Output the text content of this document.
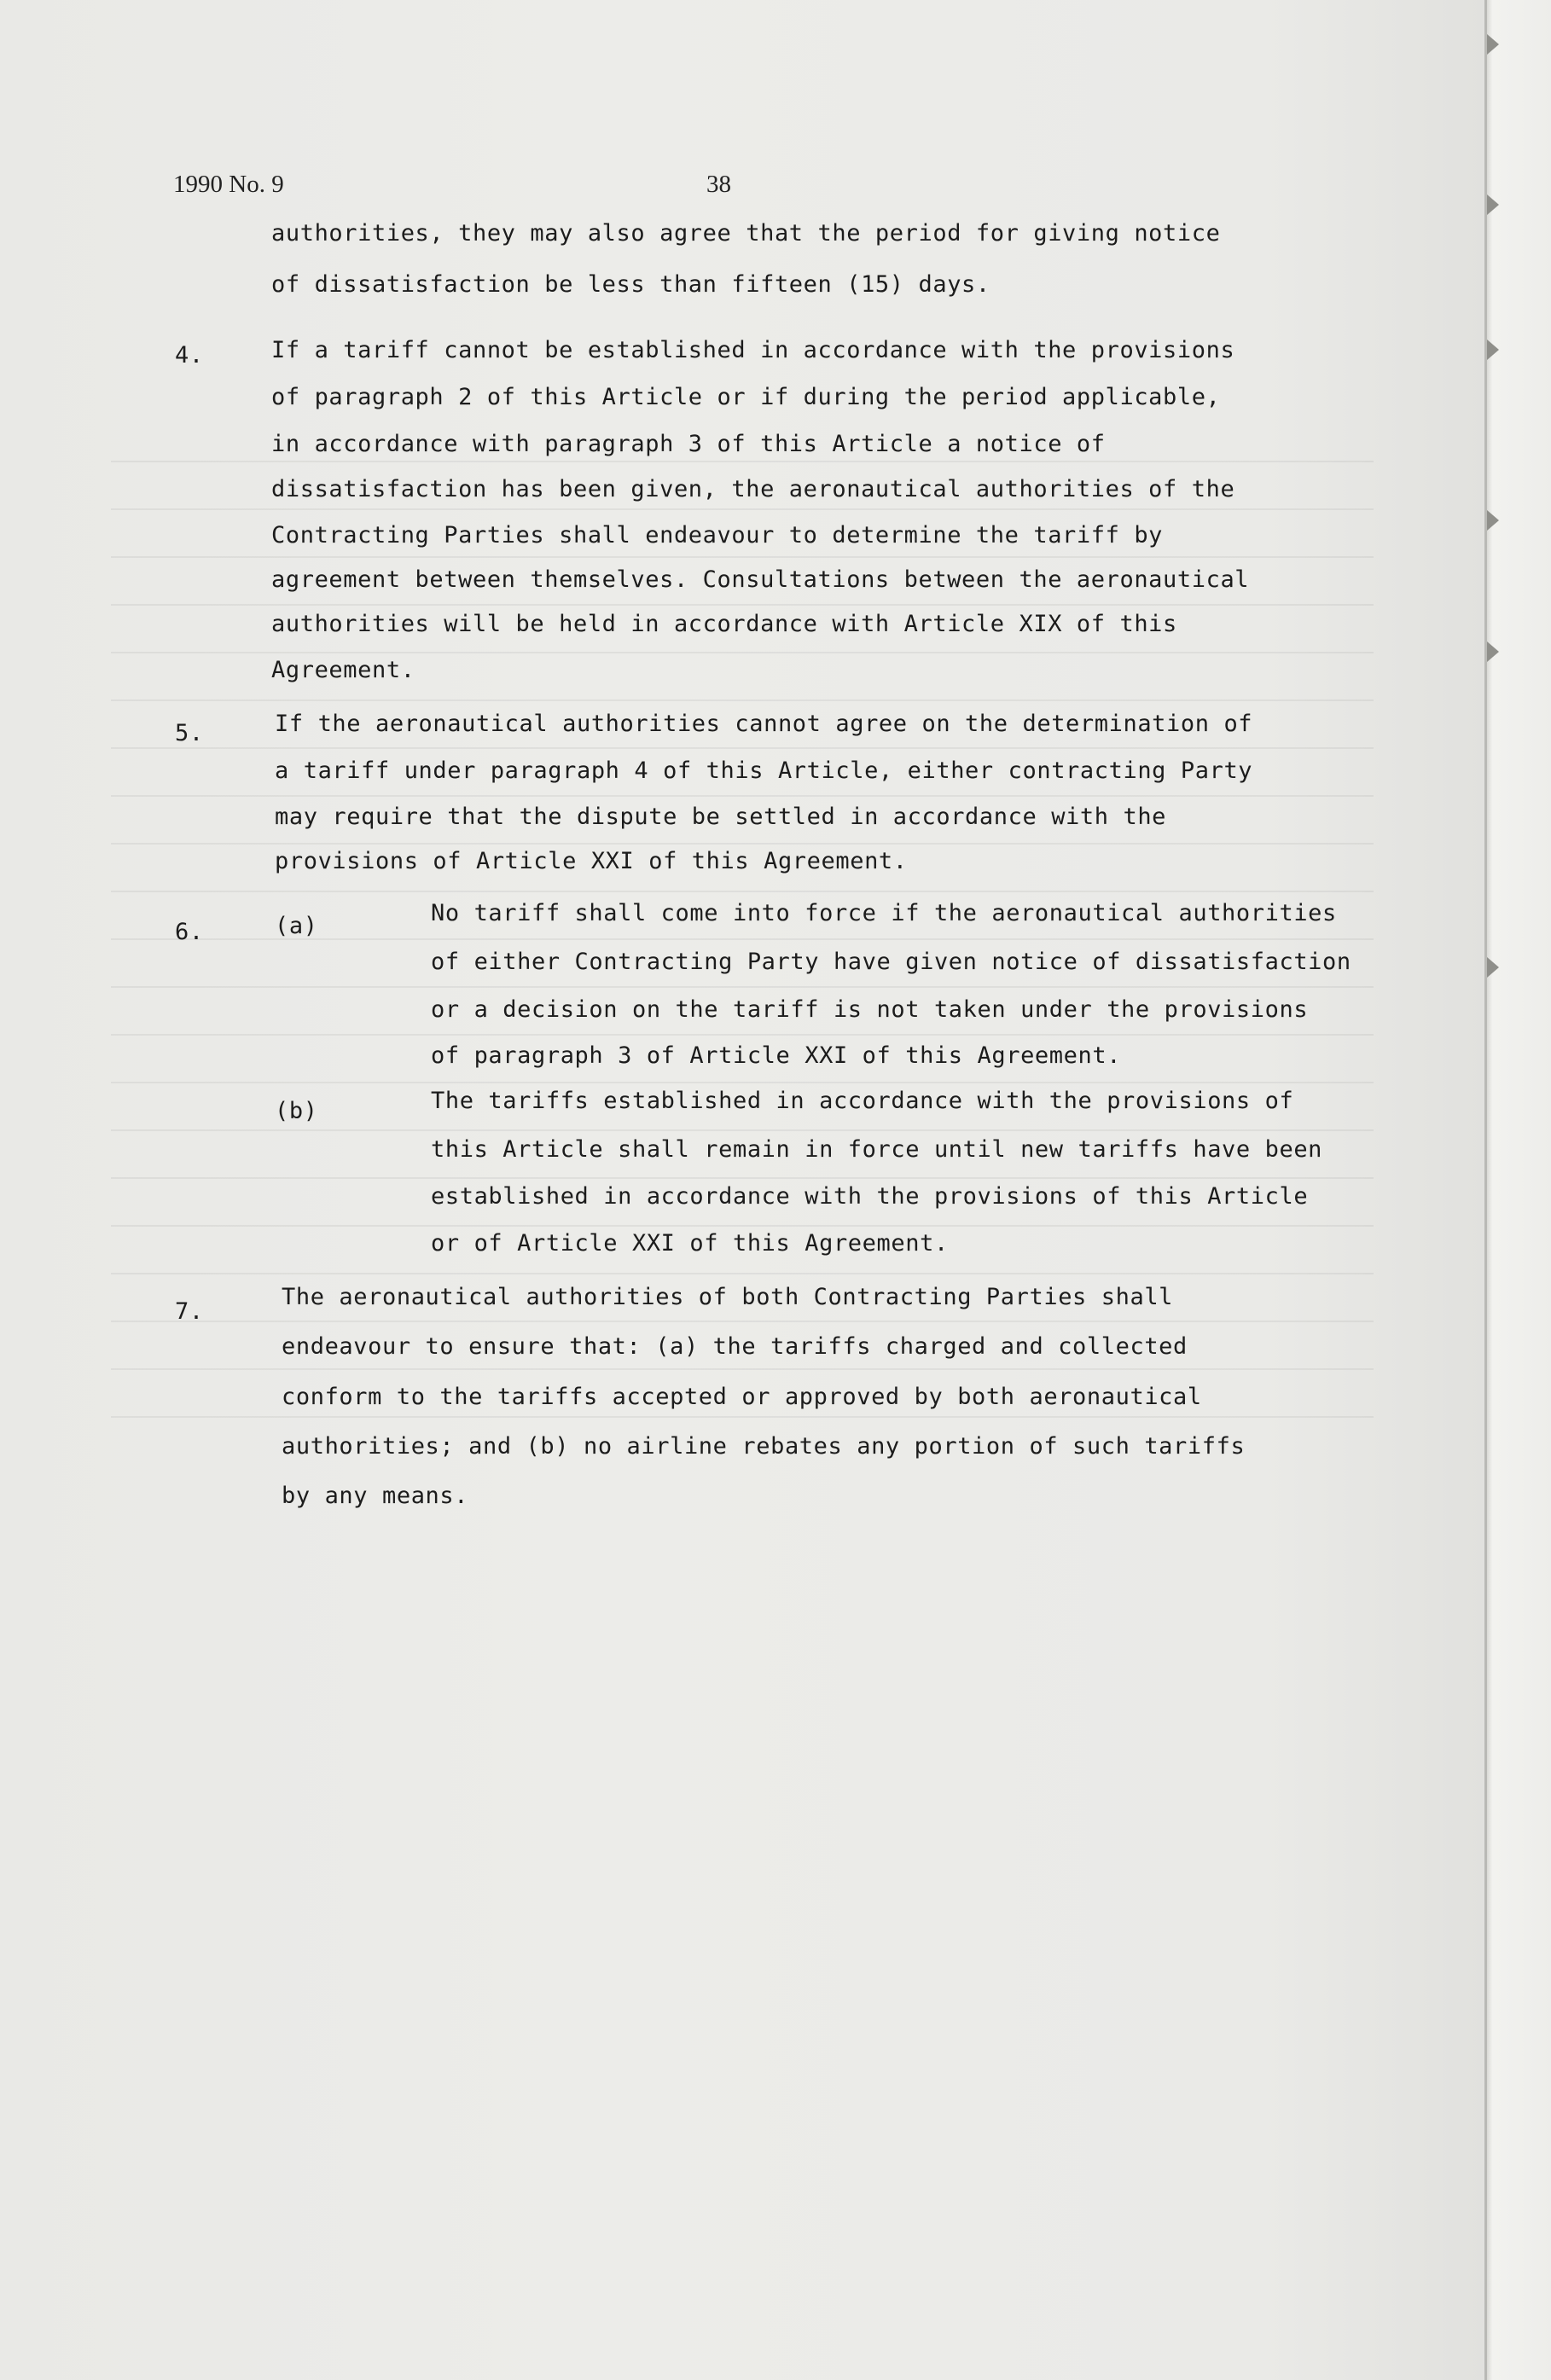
1990 No. 9	38
authorities, they may also agree that the period for giving notice
of dissatisfaction be less than fifteen (15) days.
4.	If a tariff cannot be established in accordance with the provisions
of paragraph 2 of this Article or if during the period applicable,
in accordance with paragraph 3 of this Article a notice of
dissatisfaction has been given, the aeronautical authorities of the
Contracting Parties shall endeavour to determine the tariff by
agreement between themselves. Consultations between the aeronautical
authorities will be held in accordance with Article XIX of this
Agreement.
5.	If the aeronautical authorities cannot agree on the determination of
a tariff under paragraph 4 of this Article, either contracting Party
may require that the dispute be settled in accordance with the
provisions of Article XXI of this Agreement.
6.	(a)	No tariff shall come into force if the aeronautical authorities
of either Contracting Party have given notice of dissatisfaction
or a decision on the tariff is not taken under the provisions
of paragraph 3 of Article XXI of this Agreement.
(b)	The tariffs established in accordance with the provisions of
this Article shall remain in force until new tariffs have been
established in accordance with the provisions of this Article
or of Article XXI of this Agreement.
7.
The aeronautical authorities of both Contracting Parties shall
endeavour to ensure that: (a) the tariffs charged and collected
conform to the tariffs accepted or approved by both aeronautical
authorities; and (b) no airline rebates any portion of such tariffs
by any means.
